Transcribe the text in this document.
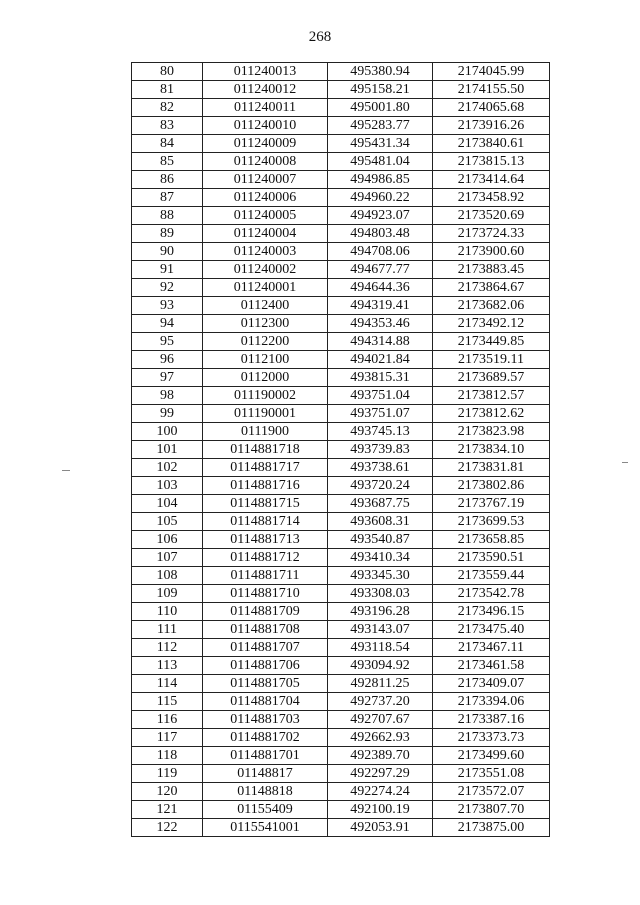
268
80	011240013	495380.94	2174045.99
81	011240012	495158.21	2174155.50
82	011240011	495001.80	2174065.68
83	011240010	495283.77	2173916.26
84	011240009	495431.34	2173840.61
85	011240008	495481.04	2173815.13
86	011240007	494986.85	2173414.64
87	011240006	494960.22	2173458.92
88	011240005	494923.07	2173520.69
89	011240004	494803.48	2173724.33
90	011240003	494708.06	2173900.60
91	011240002	494677.77	2173883.45
92	011240001	494644.36	2173864.67
93	0112400	494319.41	2173682.06
94	0112300	494353.46	2173492.12
95	0112200	494314.88	2173449.85
96	0112100	494021.84	2173519.11
97	0112000	493815.31	2173689.57
98	011190002	493751.04	2173812.57
99	011190001	493751.07	2173812.62
100	0111900	493745.13	2173823.98
101	0114881718	493739.83	2173834.10
102	0114881717	493738.61	2173831.81
103	0114881716	493720.24	2173802.86
104	0114881715	493687.75	2173767.19
105	0114881714	493608.31	2173699.53
106	0114881713	493540.87	2173658.85
107	0114881712	493410.34	2173590.51
108	0114881711	493345.30	2173559.44
109	0114881710	493308.03	2173542.78
110	0114881709	493196.28	2173496.15
111	0114881708	493143.07	2173475.40
112	0114881707	493118.54	2173467.11
113	0114881706	493094.92	2173461.58
114	0114881705	492811.25	2173409.07
115	0114881704	492737.20	2173394.06
116	0114881703	492707.67	2173387.16
117	0114881702	492662.93	2173373.73
118	0114881701	492389.70	2173499.60
119	01148817	492297.29	2173551.08
120	01148818	492274.24	2173572.07
121	01155409	492100.19	2173807.70
122	0115541001	492053.91	2173875.00
